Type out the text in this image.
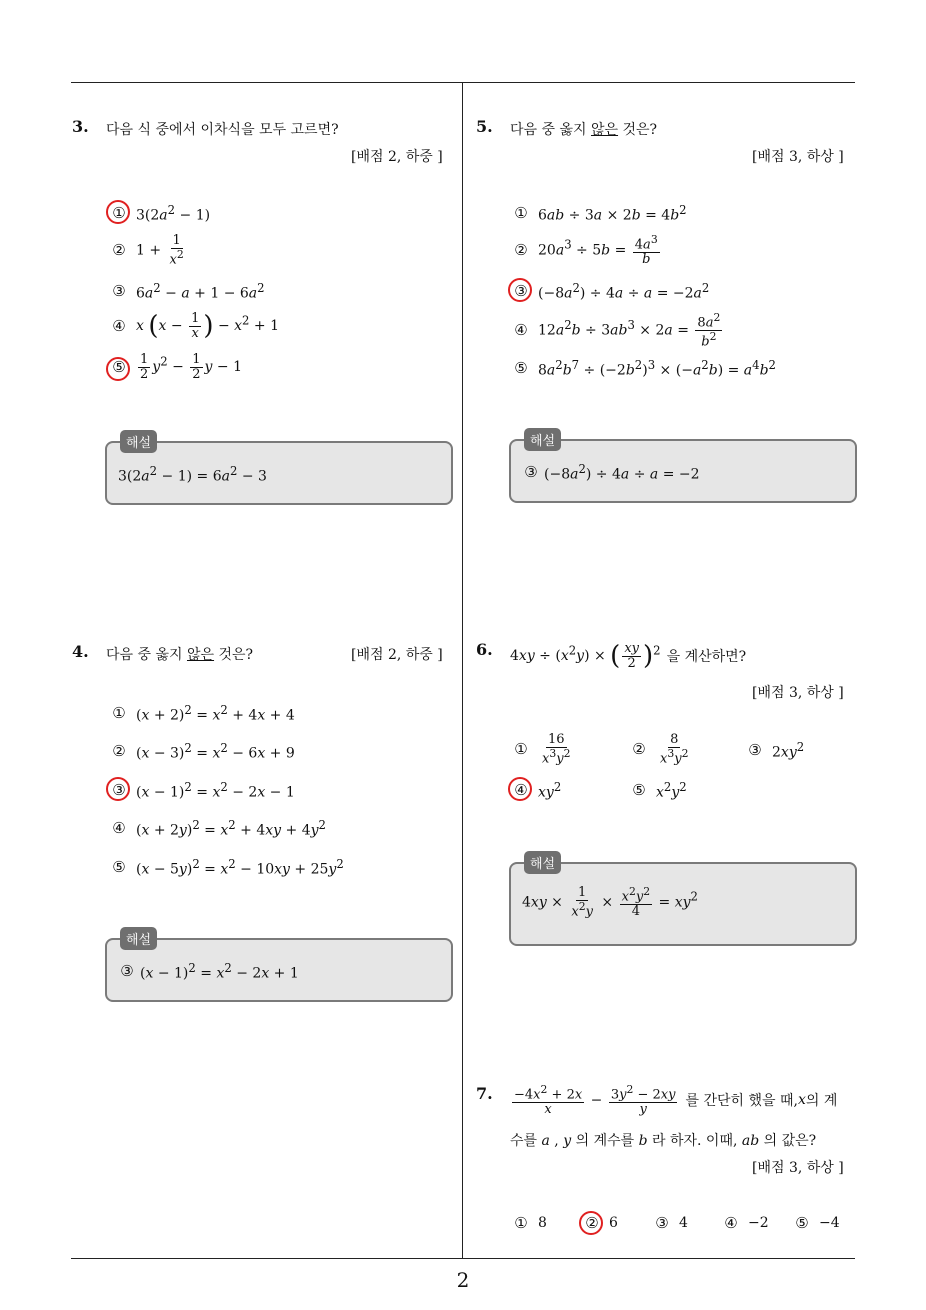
3. 다음 식 중에서 이차식을 모두 고르면?
[배점 2, 하중 ]
① $3(2a^2 - 1)$
② $1 + \frac{1}{x^2}$
③ $6a^2 - a + 1 - 6a^2$
④ x ($x - \frac{1}{x}$ ) − $x^2 + 1$
⑤ $\frac{1}{2} y^2 - \frac{1}{2}$ y − 1
해설
$3(2a^2 - 1) = 6a^2 - 3$
4. 다음 중 옳지 않은 것은?	[배점 2, 하중 ]
① $(x + 2)^2 = x^2 + 4x + 4$
② $(x - 3)^2 = x^2 - 6x + 9$
③ $(x - 1)^2 = x^2 - 2x - 1$
④ $(x + 2y)^2 = x^2 + 4xy + 4y^2$
⑤ $(x - 5y)^2 = x^2 - 10xy + 25y^2$
해설
③ $(x - 1)^2 = x^2 - 2x + 1$
5. 다음 중 옳지 않은 것은?
[배점 3, 하상 ]
① $6ab \div 3a \times 2b = 4b^2$
② $20a^3 \div 5b = \frac{4a^3}{b}$
③ $(-8a^2) \div 4a \div a = -2a^2$
④ $12a^2b \div 3ab^3 \times 2a = \frac{8a^2}{b^2}$
⑤ $8a^2b^7 \div (-2b^2)^3 \times (-a^2b) = a^4b^2$
해설
③ $(-8a^2) \div 4a \div a = -2$
6. $4xy \div (x^2y)$ × ( $\frac{xy}{2} )^2$ 을 계산하면?
[배점 3, 하상 ]
① $\frac{16}{x^3y^2}$	② $\frac{8}{x^3y^2}$	③ $2xy^2$
④ $xy^2$	⑤ $x^2y^2$
해설
$4xy \times \frac{1}{x^2y} \times \frac{x^2y^2}{4} = xy^2$
7. $\frac{-4x^2 + 2x}{x} - \frac{3y^2 - 2xy}{y}$ 를 간단히 했을 때, x 의 계
수를 a , y 의 계수를 b 라 하자. 이때, ab 의 값은?
[배점 3, 하상 ]
① 8	② 6 ③ 4 ④ −2 ⑤ −4
2
